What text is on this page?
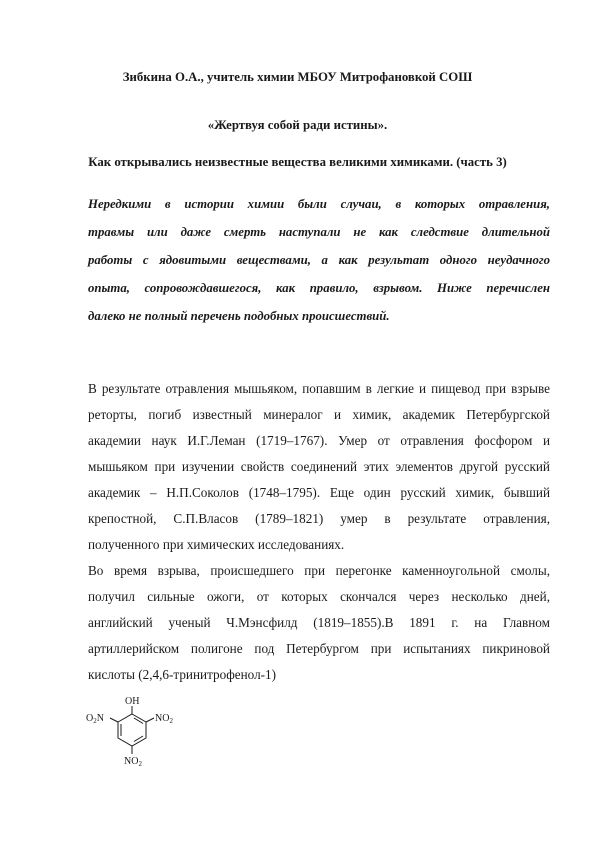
Зибкина О.А., учитель химии МБОУ Митрофановкой СОШ
«Жертвуя собой ради истины».
Как открывались неизвестные вещества великими химиками. (часть 3)
Нередкими в истории химии были случаи, в которых отравления,
травмы или даже смерть наступали не как следствие длительной
работы с ядовитыми веществами, а как результат одного неудачного
опыта, сопровождавшегося, как правило, взрывом. Ниже перечислен
далеко не полный перечень подобных происшествий.
В результате отравления мышьяком, попавшим в легкие и пищевод при взрыве
реторты, погиб известный минералог и химик, академик Петербургской
академии наук И.Г.Леман (1719–1767). Умер от отравления фосфором и
мышьяком при изучении свойств соединений этих элементов другой русский
академик – Н.П.Соколов (1748–1795). Еще один русский химик, бывший
крепостной, С.П.Власов (1789–1821) умер в результате отравления,
полученного при химических исследованиях.
Во время взрыва, происшедшего при перегонке каменноугольной смолы,
получил сильные ожоги, от которых скончался через несколько дней,
английский ученый Ч.Мэнсфилд (1819–1855).В 1891 г. на Главном
артиллерийском полигоне под Петербургом при испытаниях пикриновой
кислоты (2,4,6-тринитрофенол-1)
OH
$O_2N$	$NO_2$
$NO_2$
